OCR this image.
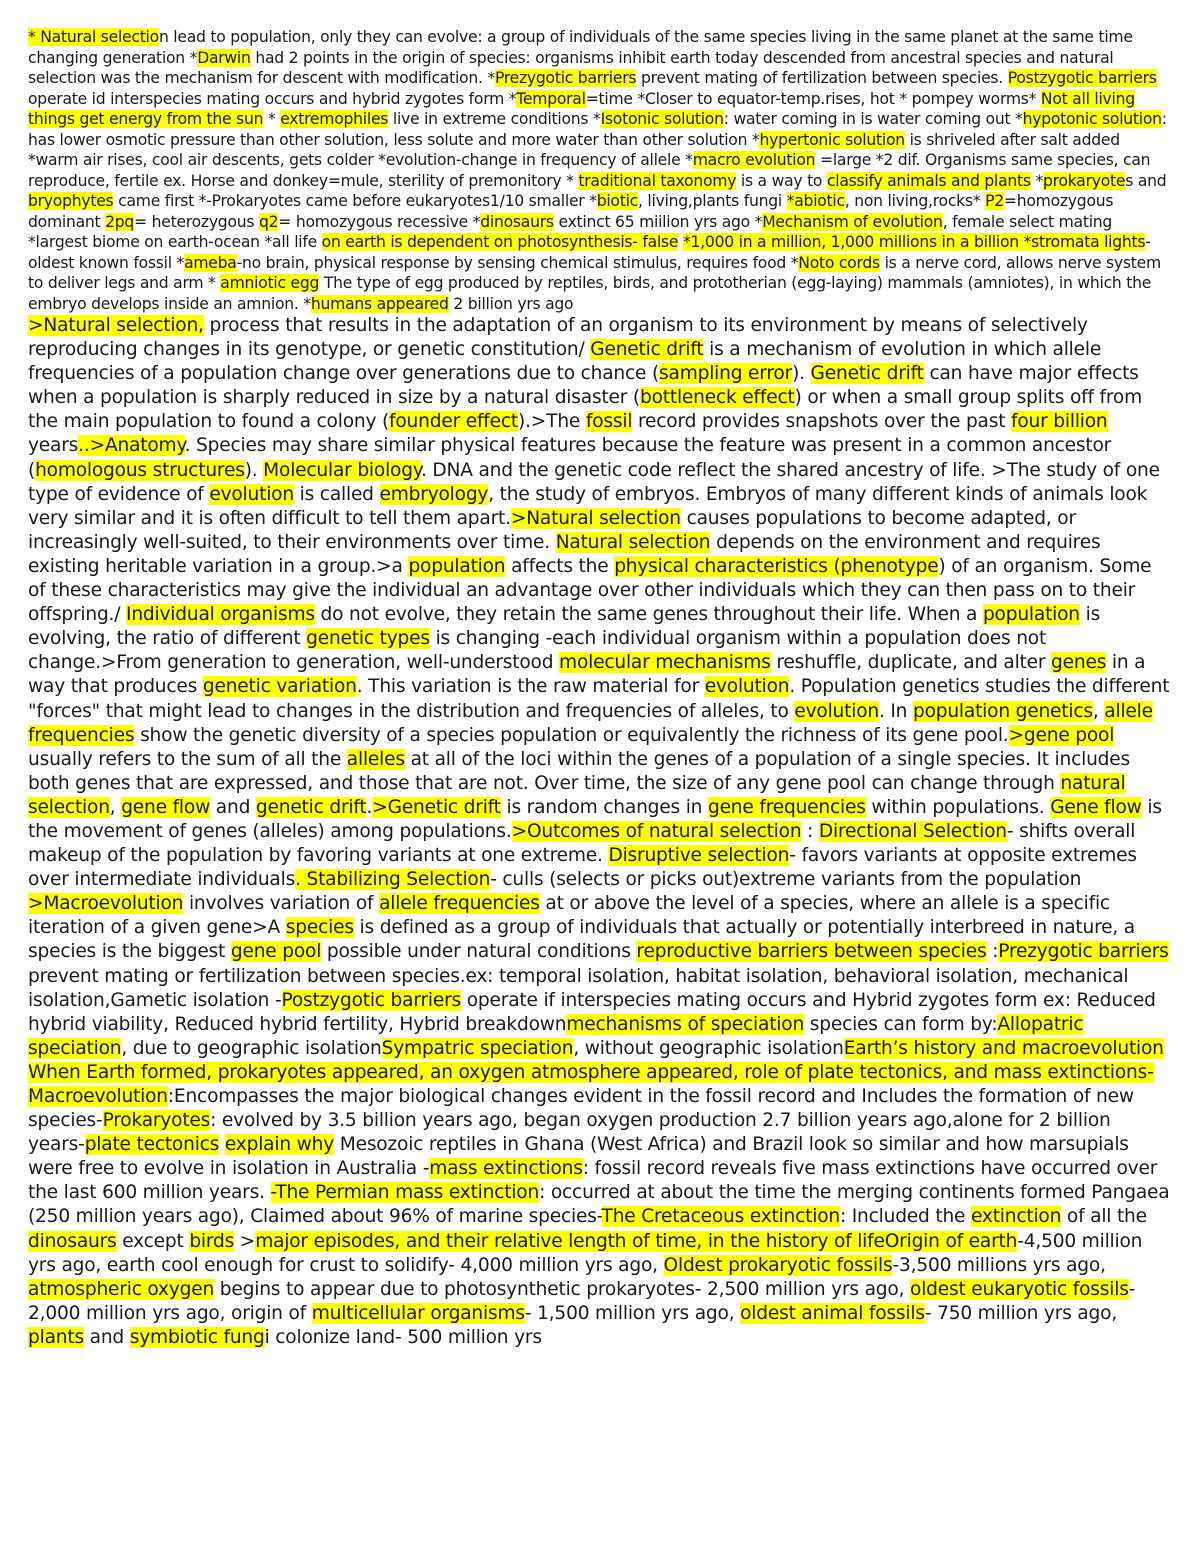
* Natural selection lead to population, only they can evolve: a group of individuals of the same species living in the same planet at the same time changing generation *Darwin had 2 points in the origin of species: organisms inhibit earth today descended from ancestral species and natural selection was the mechanism for descent with modification. *Prezygotic barriers prevent mating of fertilization between species. Postzygotic barriers operate id interspecies mating occurs and hybrid zygotes form *Temporal=time *Closer to equator-temp.rises, hot * pompey worms* Not all living things get energy from the sun * extremophiles live in extreme conditions *Isotonic solution: water coming in is water coming out *hypotonic solution: has lower osmotic pressure than other solution, less solute and more water than other solution *hypertonic solution is shriveled after salt added *warm air rises, cool air descents, gets colder *evolution-change in frequency of allele *macro evolution =large *2 dif. Organisms same species, can reproduce, fertile ex. Horse and donkey=mule, sterility of premonitory * traditional taxonomy is a way to classify animals and plants *prokaryotes and bryophytes came first *-Prokaryotes came before eukaryotes1/10 smaller *biotic, living,plants fungi *abiotic, non living,rocks* P2=homozygous dominant 2pq= heterozygous q2= homozygous recessive *dinosaurs extinct 65 miilion yrs ago *Mechanism of evolution, female select mating *largest biome on earth-ocean *all life on earth is dependent on photosynthesis- false *1,000 in a million, 1,000 millions in a billion *stromata lights- oldest known fossil *ameba-no brain, physical response by sensing chemical stimulus, requires food *Noto cords is a nerve cord, allows nerve system to deliver legs and arm * amniotic egg The type of egg produced by reptiles, birds, and prototherian (egg-laying) mammals (amniotes), in which the embryo develops inside an amnion. *humans appeared 2 billion yrs ago
>Natural selection, process that results in the adaptation of an organism to its environment by means of selectively reproducing changes in its genotype, or genetic constitution/ Genetic drift is a mechanism of evolution in which allele frequencies of a population change over generations due to chance (sampling error). Genetic drift can have major effects when a population is sharply reduced in size by a natural disaster (bottleneck effect) or when a small group splits off from the main population to found a colony (founder effect).>The fossil record provides snapshots over the past four billion years..>Anatomy. Species may share similar physical features because the feature was present in a common ancestor (homologous structures). Molecular biology. DNA and the genetic code reflect the shared ancestry of life. >The study of one type of evidence of evolution is called embryology, the study of embryos. Embryos of many different kinds of animals look very similar and it is often difficult to tell them apart.>Natural selection causes populations to become adapted, or increasingly well-suited, to their environments over time. Natural selection depends on the environment and requires existing heritable variation in a group.>a population affects the physical characteristics (phenotype) of an organism. Some of these characteristics may give the individual an advantage over other individuals which they can then pass on to their offspring./ Individual organisms do not evolve, they retain the same genes throughout their life. When a population is evolving, the ratio of different genetic types is changing -each individual organism within a population does not change.>From generation to generation, well-understood molecular mechanisms reshuffle, duplicate, and alter genes in a way that produces genetic variation. This variation is the raw material for evolution. Population genetics studies the different "forces" that might lead to changes in the distribution and frequencies of alleles, to evolution. In population genetics, allele frequencies show the genetic diversity of a species population or equivalently the richness of its gene pool.>gene pool usually refers to the sum of all the alleles at all of the loci within the genes of a population of a single species. It includes both genes that are expressed, and those that are not. Over time, the size of any gene pool can change through natural selection, gene flow and genetic drift.>Genetic drift is random changes in gene frequencies within populations. Gene flow is the movement of genes (alleles) among populations.>Outcomes of natural selection : Directional Selection- shifts overall makeup of the population by favoring variants at one extreme. Disruptive selection- favors variants at opposite extremes over intermediate individuals. Stabilizing Selection- culls (selects or picks out)extreme variants from the population >Macroevolution involves variation of allele frequencies at or above the level of a species, where an allele is a specific iteration of a given gene>A species is defined as a group of individuals that actually or potentially interbreed in nature, a species is the biggest gene pool possible under natural conditions reproductive barriers between species :Prezygotic barriers prevent mating or fertilization between species.ex: temporal isolation, habitat isolation, behavioral isolation, mechanical isolation,Gametic isolation -Postzygotic barriers operate if interspecies mating occurs and Hybrid zygotes form ex: Reduced hybrid viability, Reduced hybrid fertility, Hybrid breakdownmechanisms of speciation species can form by:Allopatric speciation, due to geographic isolationSympatric speciation, without geographic isolationEarth’s history and macroevolution When Earth formed, prokaryotes appeared, an oxygen atmosphere appeared, role of plate tectonics, and mass extinctions-Macroevolution:Encompasses the major biological changes evident in the fossil record and Includes the formation of new species-Prokaryotes: evolved by 3.5 billion years ago, began oxygen production 2.7 billion years ago,alone for 2 billion years-plate tectonics explain why Mesozoic reptiles in Ghana (West Africa) and Brazil look so similar and how marsupials were free to evolve in isolation in Australia -mass extinctions: fossil record reveals five mass extinctions have occurred over the last 600 million years. -The Permian mass extinction: occurred at about the time the merging continents formed Pangaea (250 million years ago), Claimed about 96% of marine species-The Cretaceous extinction: Included the extinction of all the dinosaurs except birds >major episodes, and their relative length of time, in the history of lifeOrigin of earth-4,500 million yrs ago, earth cool enough for crust to solidify- 4,000 million yrs ago, Oldest prokaryotic fossils-3,500 millions yrs ago, atmospheric oxygen begins to appear due to photosynthetic prokaryotes- 2,500 million yrs ago, oldest eukaryotic fossils- 2,000 million yrs ago, origin of multicellular organisms- 1,500 million yrs ago, oldest animal fossils- 750 million yrs ago, plants and symbiotic fungi colonize land- 500 million yrs
